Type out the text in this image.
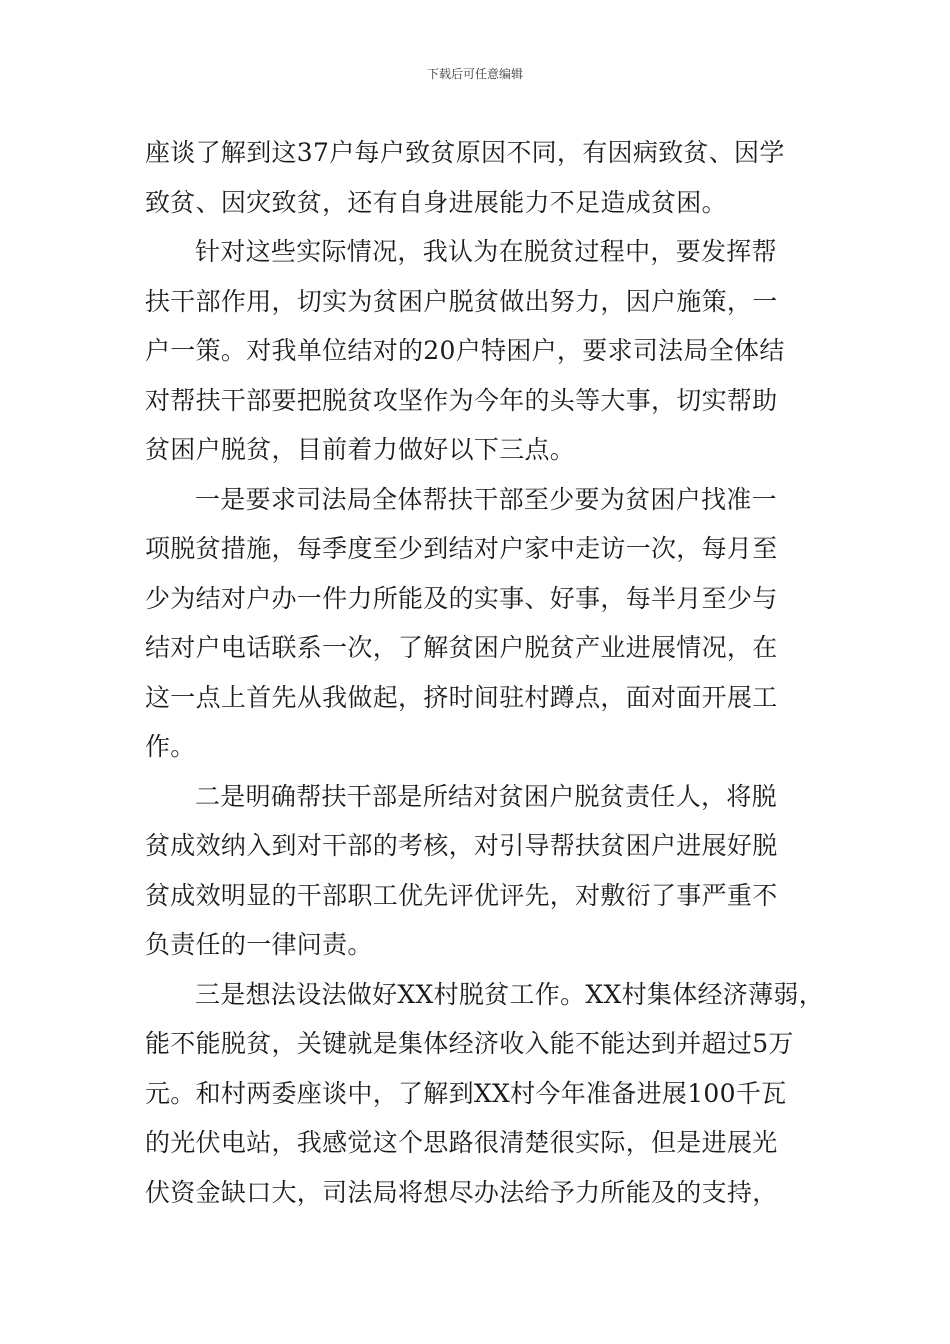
下载后可任意编辑
座谈了解到这37户每户致贫原因不同，有因病致贫、因学
致贫、因灾致贫，还有自身进展能力不足造成贫困。
针对这些实际情况，我认为在脱贫过程中，要发挥帮
扶干部作用，切实为贫困户脱贫做出努力，因户施策，一
户一策。对我单位结对的20户特困户，要求司法局全体结
对帮扶干部要把脱贫攻坚作为今年的头等大事，切实帮助
贫困户脱贫，目前着力做好以下三点。
一是要求司法局全体帮扶干部至少要为贫困户找准一
项脱贫措施，每季度至少到结对户家中走访一次，每月至
少为结对户办一件力所能及的实事、好事，每半月至少与
结对户电话联系一次，了解贫困户脱贫产业进展情况，在
这一点上首先从我做起，挤时间驻村蹲点，面对面开展工
作。
二是明确帮扶干部是所结对贫困户脱贫责任人，将脱
贫成效纳入到对干部的考核，对引导帮扶贫困户进展好脱
贫成效明显的干部职工优先评优评先，对敷衍了事严重不
负责任的一律问责。
三是想法设法做好XX村脱贫工作。XX村集体经济薄弱，
能不能脱贫，关键就是集体经济收入能不能达到并超过5万
元。和村两委座谈中，了解到XX村今年准备进展100千瓦
的光伏电站，我感觉这个思路很清楚很实际，但是进展光
伏资金缺口大，司法局将想尽办法给予力所能及的支持，
